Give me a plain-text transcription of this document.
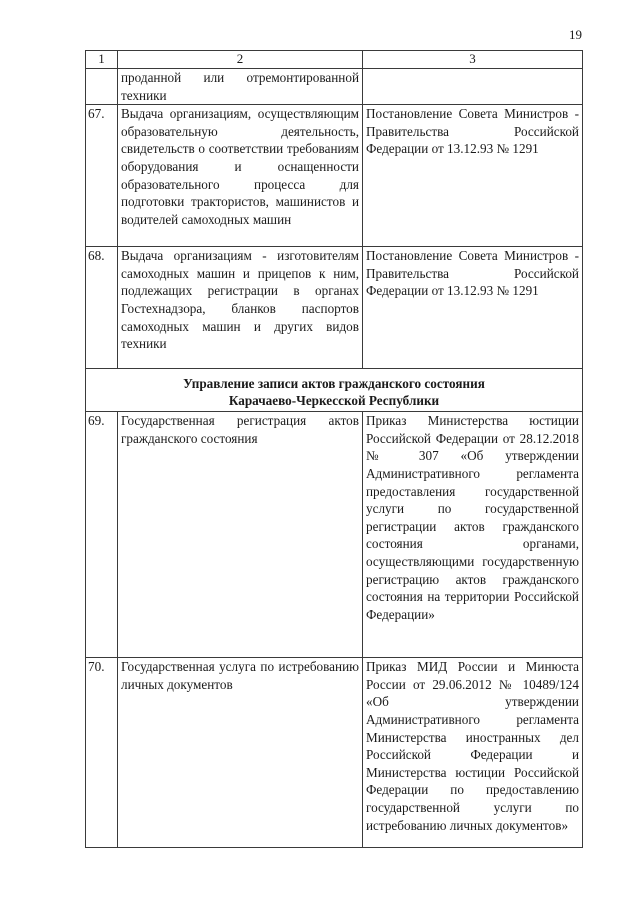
19
1	2	3
	проданной или отремонтированной техники	
67.	Выдача организациям, осуществляющим образовательную деятельность, свидетельств о соответствии требованиям оборудования и оснащенности образовательного процесса для подготовки трактористов, машинистов и водителей самоходных машин	Постановление Совета Министров - Правительства Российской Федерации от 13.12.93 № 1291
68.	Выдача организациям - изготовителям самоходных машин и прицепов к ним, подлежащих регистрации в органах Гостехнадзора, бланков паспортов самоходных машин и других видов техники	Постановление Совета Министров - Правительства Российской Федерации от 13.12.93 № 1291

Управление записи актов гражданского состояния
Карачаево-Черкесской Республики		

69.	Государственная регистрация актов гражданского состояния	Приказ Министерства юстиции Российской Федерации от 28.12.2018 № 307 «Об утверждении Административного регламента предоставления государственной услуги по государственной регистрации актов гражданского состояния органами, осуществляющими государственную регистрацию актов гражданского состояния на территории Российской Федерации»
70.	Государственная услуга по истребованию личных документов	Приказ МИД России и Минюста России от 29.06.2012 № 10489/124 «Об утверждении Административного регламента Министерства иностранных дел Российской Федерации и Министерства юстиции Российской Федерации по предоставлению государственной услуги по истребованию личных документов»
